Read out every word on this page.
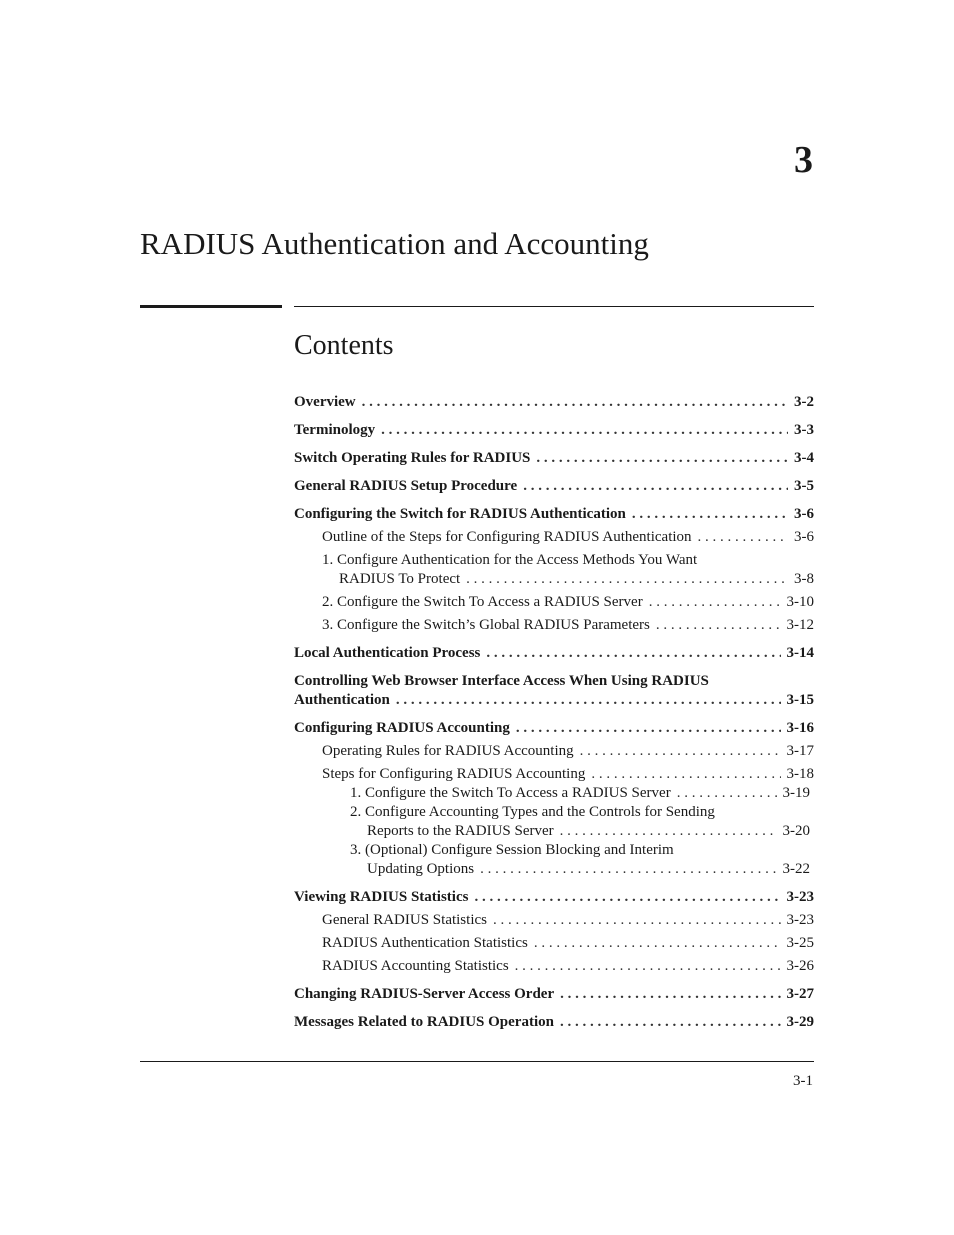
3
RADIUS Authentication and Accounting
Contents
Overview . . .	3-2
Terminology . . .	3-3
Switch Operating Rules for RADIUS . . .	3-4
General RADIUS Setup Procedure . . .	3-5
Configuring the Switch for RADIUS Authentication . . .	3-6
Outline of the Steps for Configuring RADIUS Authentication . . .	3-6
1. Configure Authentication for the Access Methods You Want
RADIUS To Protect . . .	3-8
2. Configure the Switch To Access a RADIUS Server . . .	3-10
3. Configure the Switch’s Global RADIUS Parameters . . .	3-12
Local Authentication Process . . .	3-14
Controlling Web Browser Interface Access When Using RADIUS
Authentication . . .	3-15
Configuring RADIUS Accounting . . .	3-16
Operating Rules for RADIUS Accounting . . .	3-17
Steps for Configuring RADIUS Accounting . . .	3-18
1. Configure the Switch To Access a RADIUS Server . . .	3-19
2. Configure Accounting Types and the Controls for Sending
Reports to the RADIUS Server . . .	3-20
3. (Optional) Configure Session Blocking and Interim
Updating Options . . .	3-22
Viewing RADIUS Statistics . . .	3-23
General RADIUS Statistics . . .	3-23
RADIUS Authentication Statistics . . .	3-25
RADIUS Accounting Statistics . . .	3-26
Changing RADIUS-Server Access Order . . .	3-27
Messages Related to RADIUS Operation . . .	3-29
3-1
